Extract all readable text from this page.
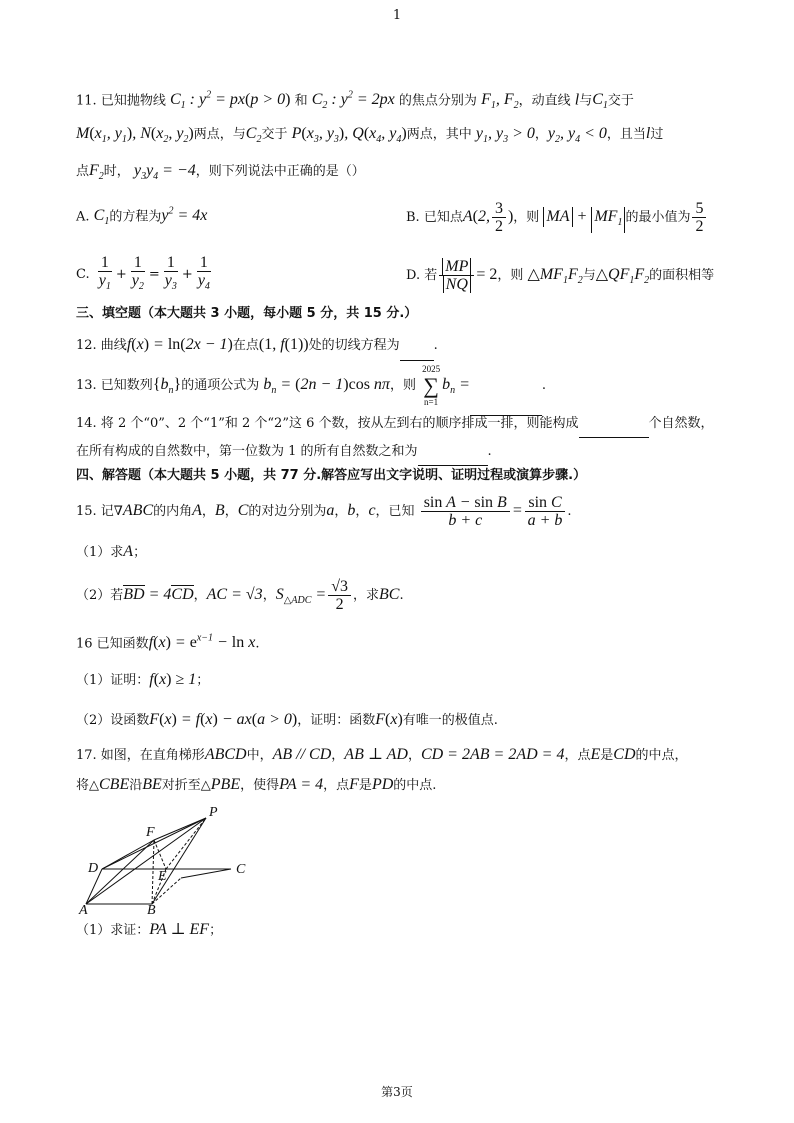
1
11. 已知抛物线 $C_1$ : $y^2 = px(p > 0)$ 和 $C_2$ : $y^2 = 2px$ 的焦点分别为 $F_1$, $F_2$，动直线 l与$C_1$交于
$M(x_1$, $y_1$), $N(x_2$, $y_2$)两点，与$C_2$交于 $P(x_3$, $y_3$), $Q(x_4$, $y_4$)两点，其中 $y_1$, $y_3 > 0$，$y_2$, $y_4 < 0$，且当l过
点$F_2$时， $y_3y_4 = -4$，则下列说法中正确的是（）
A. $C_1$的方程为$y^2 = 4x$	B. 已知点A(2, $\frac{3}{2}$ )，则 MA + $MF_1$ 的最小值为 $\frac{5}{2}$
C. $\frac{1}{y_1} + \frac{1}{y_2} = \frac{1}{y_3} + \frac{1}{y_4}$	D. 若 $\frac{MP}{NQ} = 2$，则 $\triangle MF_1F_2$与$\triangle QF_1F_2$的面积相等
三、填空题（本大题共 3 小题，每小题 5 分，共 15 分.）
12. 曲线f(x) = ln(2x − 1)在点(1, f(1))处的切线方程为	.
13. 已知数列$\{b_n\}$的通项公式为 $b_n = (2n - 1)\cos$ nπ，则
2025
∑
n=1
$b_n$ =	.
14. 将 2 个“0”、2 个“1”和 2 个“2”这 6 个数，按从左到右的顺序排成一排，则能构成	个自然数，
在所有构成的自然数中，第一位数为 1 的所有自然数之和为	.
四、解答题（本大题共 5 小题，共 77 分.解答应写出文字说明、证明过程或演算步骤.）
15. 记∇ABC的内角A，B，C的对边分别为a，b，c，已知 $\frac{\text{sin A − sin B}}{b + c} = \frac{\text{sin C}}{a + b}$ .
（1）求A；
（2）若BD = 4CD，AC = √3，$S_{\triangle ADC} = \frac{√3}{2}$ ，求BC.
16 已知函数$f(x) = e^{x-1} - \ln x$.
（1）证明：f(x) ≥ 1；
（2）设函数F(x) = f(x) − ax(a > 0)，证明：函数F(x)有唯一的极值点.
17. 如图，在直角梯形ABCD中，AB // CD，AB ⊥ AD，CD = 2AB = 2AD = 4，点E是CD的中点，
将△CBE沿BE对折至△PBE，使得PA = 4，点F是PD的中点.
P
F
D
E	C
A	B
（1）求证：PA ⊥ EF；
第3页
